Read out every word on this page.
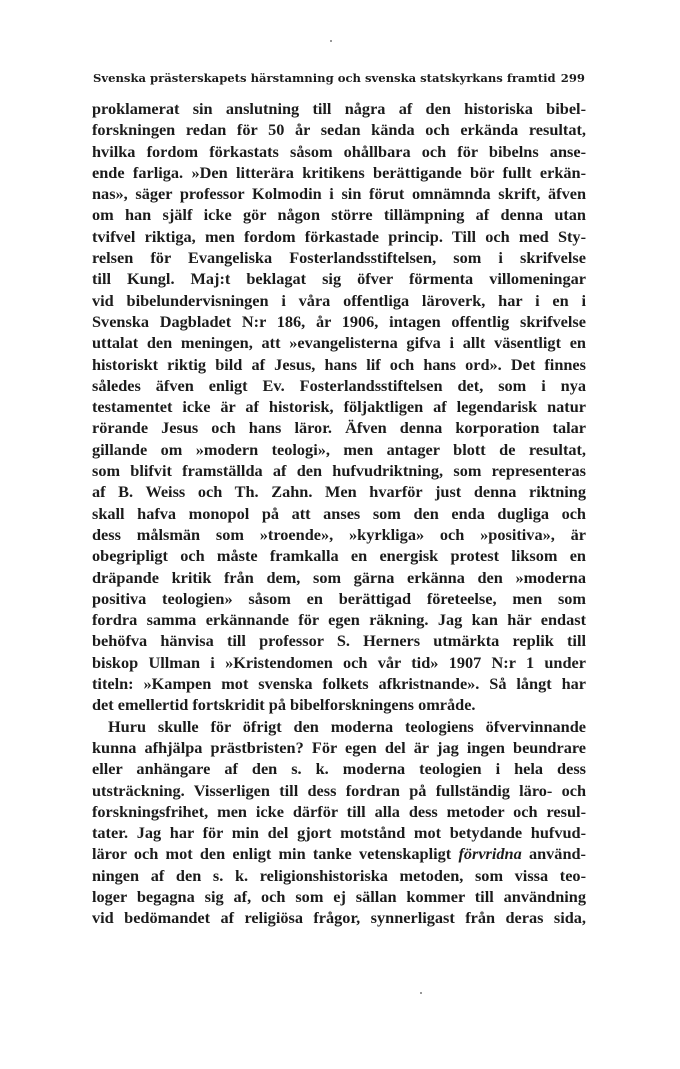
Svenska prästerskapets härstamning och svenska statskyrkans framtid 299
proklamerat sin anslutning till några af den historiska bibel-
forskningen redan för 50 år sedan kända och erkända resultat,
hvilka fordom förkastats såsom ohållbara och för bibelns anse-
ende farliga. »Den litterära kritikens berättigande bör fullt erkän-
nas», säger professor Kolmodin i sin förut omnämnda skrift, äfven
om han själf icke gör någon större tillämpning af denna utan
tvifvel riktiga, men fordom förkastade princip. Till och med Sty-
relsen för Evangeliska Fosterlandsstiftelsen, som i skrifvelse
till Kungl. Maj:t beklagat sig öfver förmenta villomeningar
vid bibelundervisningen i våra offentliga läroverk, har i en i
Svenska Dagbladet N:r 186, år 1906, intagen offentlig skrifvelse
uttalat den meningen, att »evangelisterna gifva i allt väsentligt en
historiskt riktig bild af Jesus, hans lif och hans ord». Det finnes
således äfven enligt Ev. Fosterlandsstiftelsen det, som i nya
testamentet icke är af historisk, följaktligen af legendarisk natur
rörande Jesus och hans läror. Äfven denna korporation talar
gillande om »modern teologi», men antager blott de resultat,
som blifvit framställda af den hufvudriktning, som representeras
af B. Weiss och Th. Zahn. Men hvarför just denna riktning
skall hafva monopol på att anses som den enda dugliga och
dess målsmän som »troende», »kyrkliga» och »positiva», är
obegripligt och måste framkalla en energisk protest liksom en
dräpande kritik från dem, som gärna erkänna den »moderna
positiva teologien» såsom en berättigad företeelse, men som
fordra samma erkännande för egen räkning. Jag kan här endast
behöfva hänvisa till professor S. Herners utmärkta replik till
biskop Ullman i »Kristendomen och vår tid» 1907 N:r 1 under
titeln: »Kampen mot svenska folkets afkristnande». Så långt har
det emellertid fortskridit på bibelforskningens område.
Huru skulle för öfrigt den moderna teologiens öfvervinnande
kunna afhjälpa prästbristen? För egen del är jag ingen beundrare
eller anhängare af den s. k. moderna teologien i hela dess
utsträckning. Visserligen till dess fordran på fullständig läro- och
forskningsfrihet, men icke därför till alla dess metoder och resul-
tater. Jag har för min del gjort motstånd mot betydande hufvud-
läror och mot den enligt min tanke vetenskapligt förvridna använd-
ningen af den s. k. religionshistoriska metoden, som vissa teo-
loger begagna sig af, och som ej sällan kommer till användning
vid bedömandet af religiösa frågor, synnerligast från deras sida,
